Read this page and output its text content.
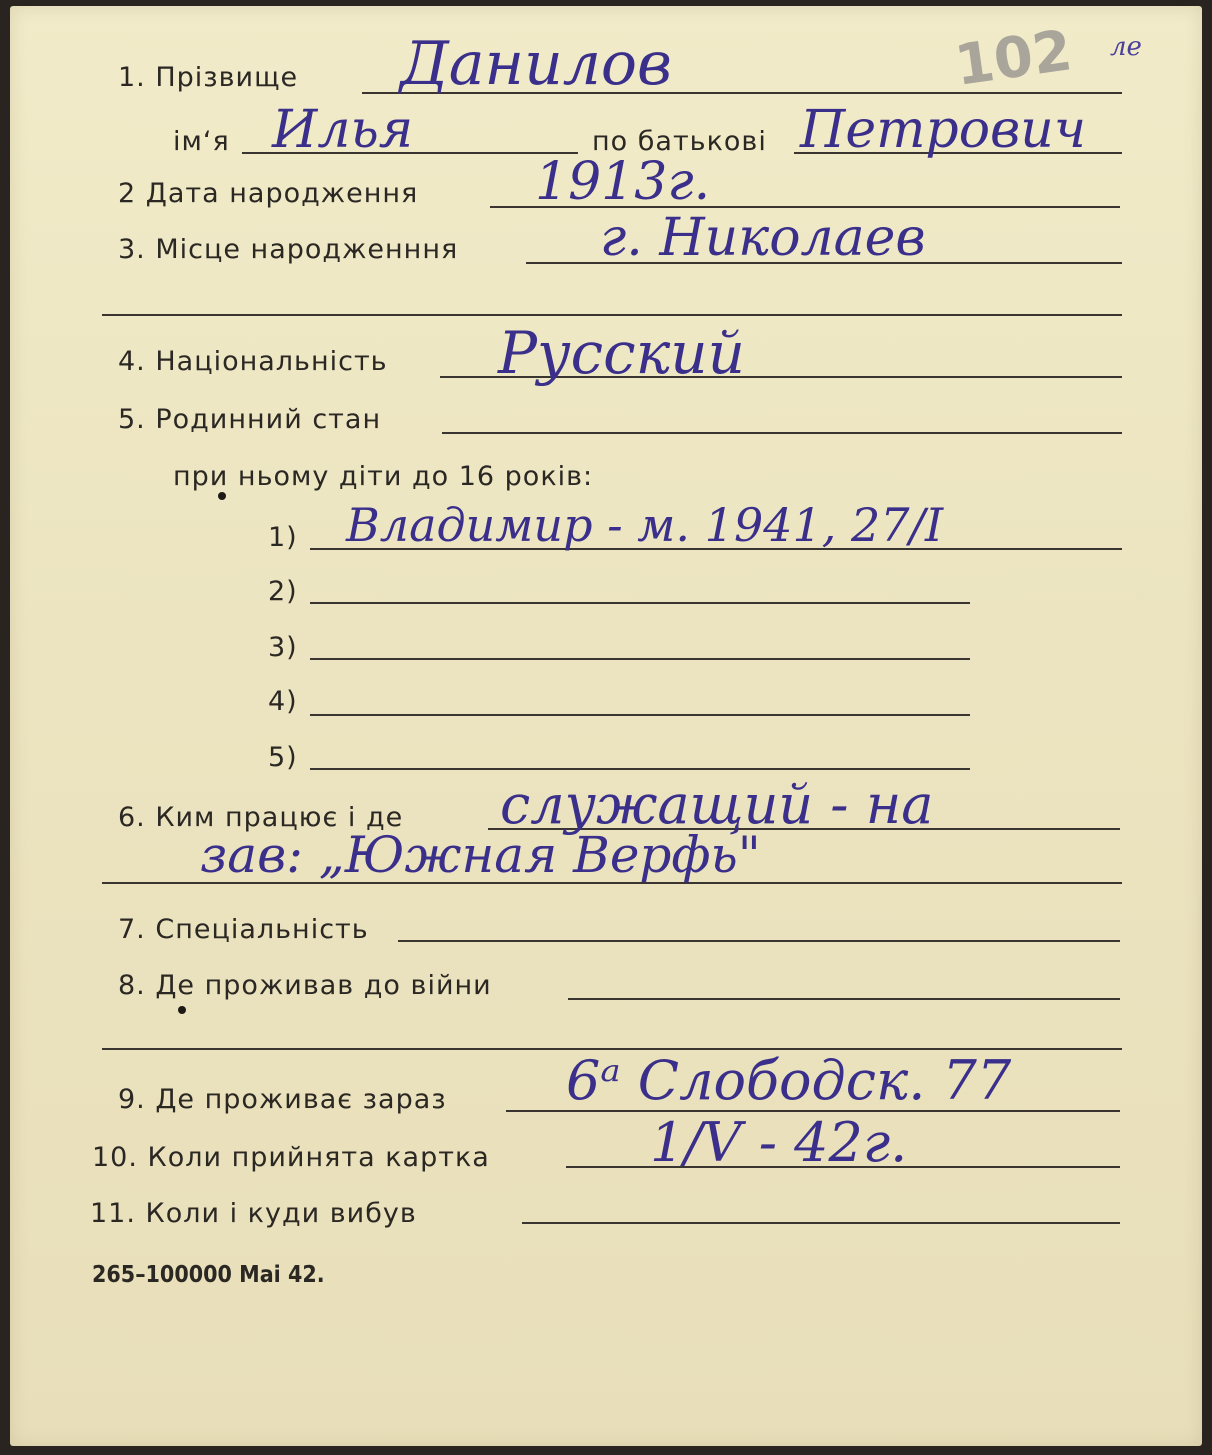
102 ле
1. Прізвище Данилов
ім‘я Илья	по батькові Петрович
2 Дата народження 1913г.
3. Місце народженння	г. Николаев
4. Національність Русский
5. Родинний стан
при ньому діти до 16 років:
1) Владимир - м. 1941, 27/I
2)
3)
4)
5)
6. Ким працює і де служащий - на
зав: „Южная Верфь"
7. Спеціальність
8. Де проживав до війни
9. Де проживає зараз 6ᵃ Слободск. 77
10. Коли прийнята картка	1/V - 42г.
11. Коли і куди вибув
265–100000 Маі 42.
